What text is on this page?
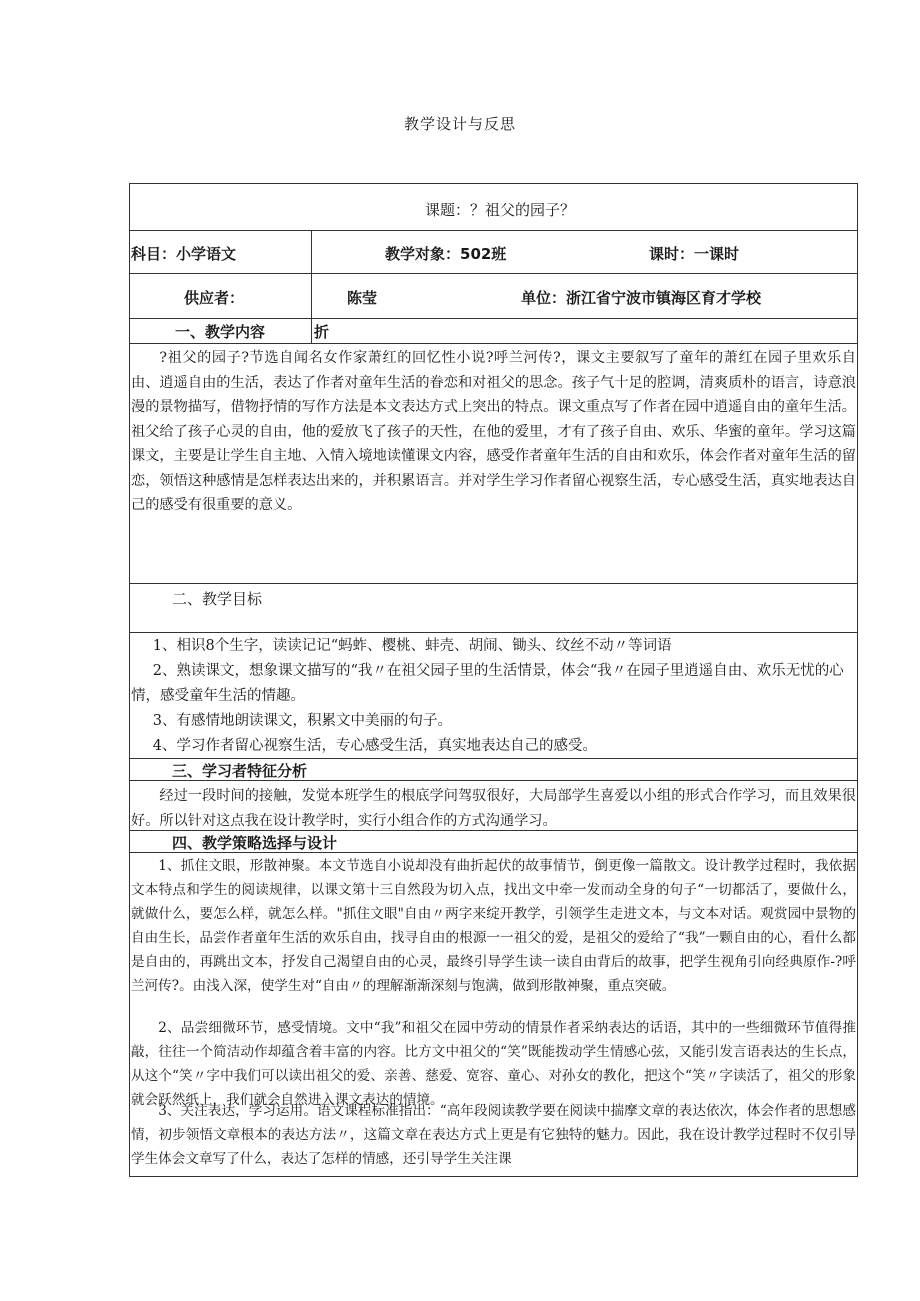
教学设计与反思
课题：？祖父的园子？
科目：小学语文	教学对象：502班	课时：一课时
供应者：	陈莹	单位：浙江省宁波市镇海区育才学校
一、教学内容	折

?祖父的园子?节选自闻名女作家萧红的回忆性小说?呼兰河传?，课文主要叙写了童年的萧红在园子里欢乐自由、逍遥自由的生活，表达了作者对童年生活的眷恋和对祖父的思念。孩子气十足的腔调，清爽质朴的语言，诗意浪漫的景物描写，借物抒情的写作方法是本文表达方式上突出的特点。课文重点写了作者在园中逍遥自由的童年生活。祖父给了孩子心灵的自由，他的爱放飞了孩子的天性，在他的爱里，才有了孩子自由、欢乐、华蜜的童年。学习这篇课文，主要是让学生自主地、入情入境地读懂课文内容，感受作者童年生活的自由和欢乐，体会作者对童年生活的留恋，领悟这种感情是怎样表达出来的，并积累语言。并对学生学习作者留心视察生活，专心感受生活，真实地表达自己的感受有很重要的意义。

二、教学目标

1、相识8个生字，读读记记“蚂蚱、樱桃、蚌壳、胡闹、锄头、纹丝不动〃等词语

2、熟读课文，想象课文描写的“我〃在祖父园子里的生活情景，体会“我〃在园子里逍遥自由、欢乐无忧的心情，感受童年生活的情趣。

3、有感情地朗读课文，积累文中美丽的句子。

4、学习作者留心视察生活，专心感受生活，真实地表达自己的感受。

三、学习者特征分析

经过一段时间的接触，发觉本班学生的根底学问驾驭很好，大局部学生喜爱以小组的形式合作学习，而且效果很好。所以针对这点我在设计教学时，实行小组合作的方式沟通学习。

四、教学策略选择与设计

1、抓住文眼，形散神聚。本文节选自小说却没有曲折起伏的故事情节，倒更像一篇散文。设计教学过程时，我依据文本特点和学生的阅读规律，以课文第十三自然段为切入点，找出文中牵一发而动全身的句子“一切都活了，要做什么，就做什么，要怎么样，就怎么样。"抓住文眼"自由〃两字来绽开教学，引领学生走进文本，与文本对话。观赏园中景物的自由生长，品尝作者童年生活的欢乐自由，找寻自由的根源一一祖父的爱，是祖父的爱给了“我”一颗自由的心，看什么都是自由的，再跳出文本，抒发自己渴望自由的心灵，最终引导学生读一读自由背后的故事，把学生视角引向经典原作-?呼兰河传?。由浅入深，使学生对“自由〃的理解渐渐深刻与饱满，做到形散神聚，重点突破。

2、品尝细微环节，感受情境。文中“我”和祖父在园中劳动的情景作者采纳表达的话语，其中的一些细微环节值得推敲，往往一个简洁动作却蕴含着丰富的内容。比方文中祖父的“笑”既能拨动学生情感心弦，又能引发言语表达的生长点，从这个“笑〃字中我们可以读出祖父的爱、亲善、慈爱、宽容、童心、对孙女的教化，把这个“笑〃字读活了，祖父的形象就会跃然纸上，我们就会自然进入课文表达的情境。

3、关注表达，学习运用。语文课程标准指出：“高年段阅读教学要在阅读中揣摩文章的表达依次，体会作者的思想感情，初步领悟文章根本的表达方法〃，这篇文章在表达方式上更是有它独特的魅力。因此，我在设计教学过程时不仅引导学生体会文章写了什么，表达了怎样的情感，还引导学生关注课
